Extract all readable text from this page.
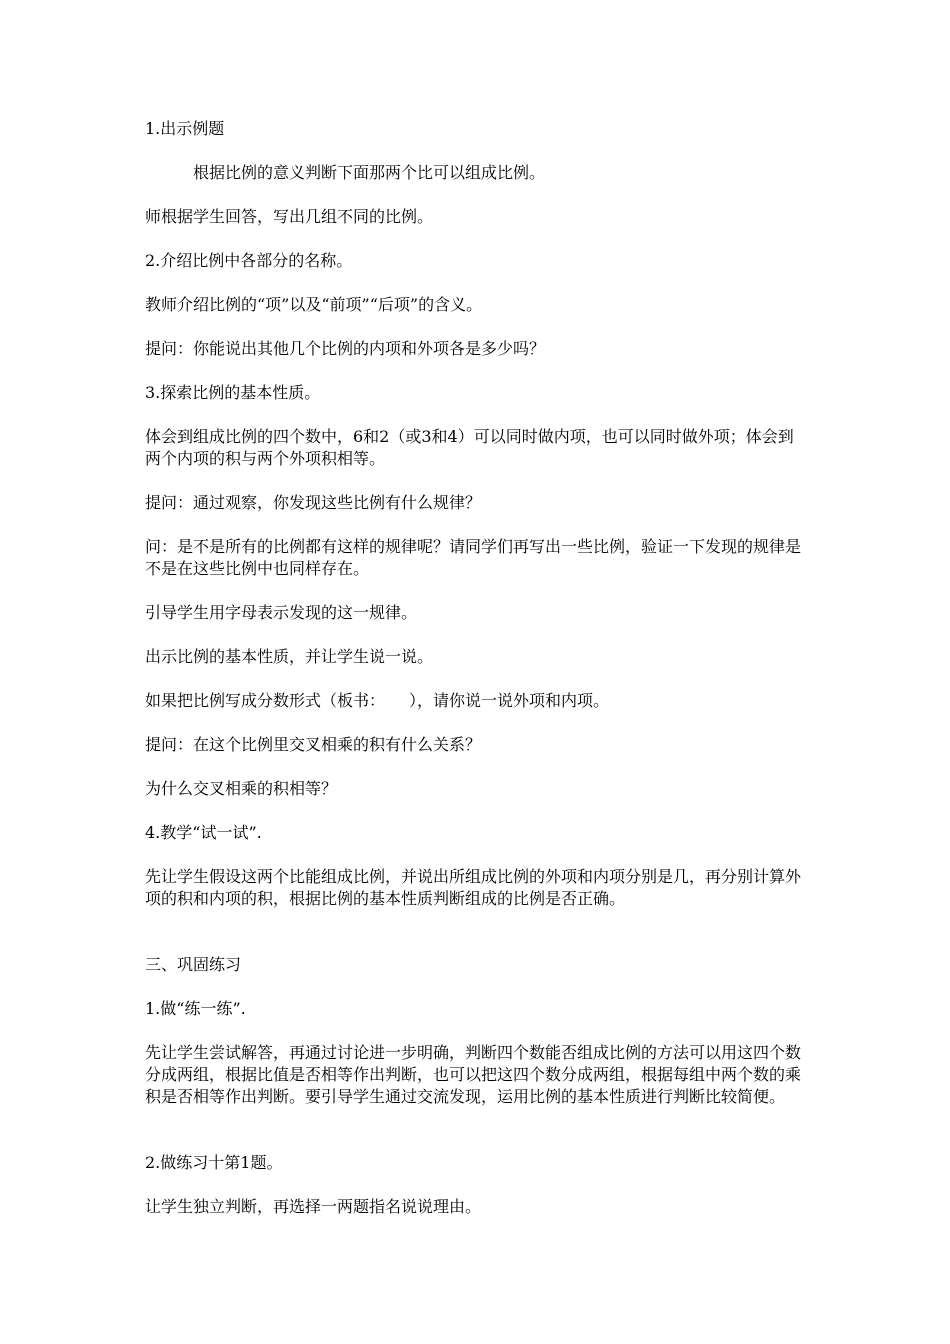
1.出示例题
根据比例的意义判断下面那两个比可以组成比例。
师根据学生回答，写出几组不同的比例。
2.介绍比例中各部分的名称。
教师介绍比例的“项”以及“前项”“后项”的含义。
提问：你能说出其他几个比例的内项和外项各是多少吗？
3.探索比例的基本性质。
体会到组成比例的四个数中，6和2（或3和4）可以同时做内项，也可以同时做外项；体会到两个内项的积与两个外项积相等。
提问：通过观察，你发现这些比例有什么规律？
问：是不是所有的比例都有这样的规律呢？请同学们再写出一些比例，验证一下发现的规律是不是在这些比例中也同样存在。
引导学生用字母表示发现的这一规律。
出示比例的基本性质，并让学生说一说。
如果把比例写成分数形式（板书：　　），请你说一说外项和内项。
提问：在这个比例里交叉相乘的积有什么关系？
为什么交叉相乘的积相等？
4.教学“试一试”.
先让学生假设这两个比能组成比例，并说出所组成比例的外项和内项分别是几，再分别计算外项的积和内项的积，根据比例的基本性质判断组成的比例是否正确。
三、巩固练习
1.做“练一练”.
先让学生尝试解答，再通过讨论进一步明确，判断四个数能否组成比例的方法可以用这四个数分成两组，根据比值是否相等作出判断，也可以把这四个数分成两组，根据每组中两个数的乘积是否相等作出判断。要引导学生通过交流发现，运用比例的基本性质进行判断比较简便。
2.做练习十第1题。
让学生独立判断，再选择一两题指名说说理由。
